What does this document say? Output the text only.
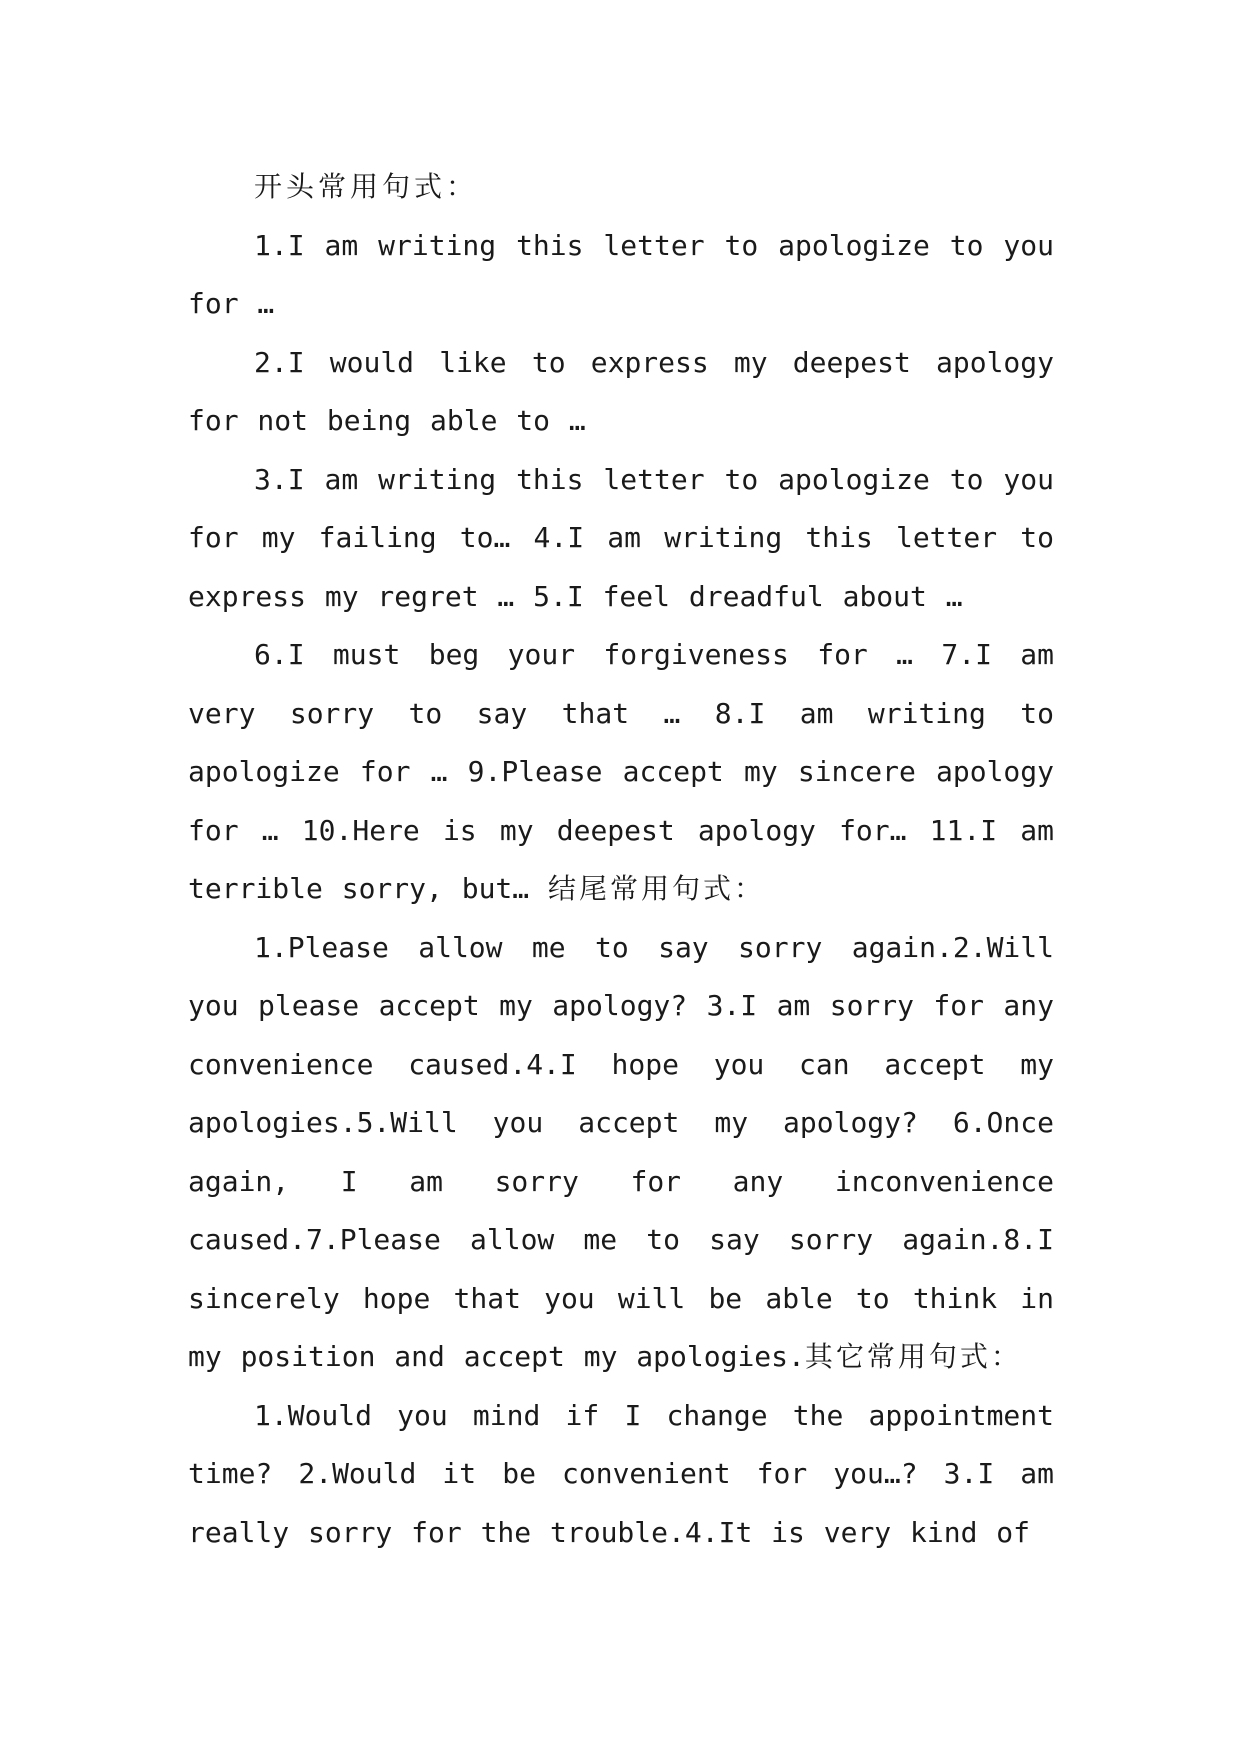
开头常用句式：

1.I am writing this letter to apologize to you for …

2.I would like to express my deepest apology for not being able to …

3.I am writing this letter to apologize to you for my failing to… 4.I am writing this letter to express my regret … 5.I feel dreadful about …

6.I must beg your forgiveness for … 7.I am very sorry to say that … 8.I am writing to apologize for … 9.Please accept my sincere apology for … 10.Here is my deepest apology for… 11.I am terrible sorry, but… 结尾常用句式：

1.Please allow me to say sorry again.2.Will you please accept my apology? 3.I am sorry for any convenience caused.4.I hope you can accept my apologies.5.Will you accept my apology? 6.Once again, I am sorry for any inconvenience caused.7.Please allow me to say sorry again.8.I sincerely hope that you will be able to think in my position and accept my apologies.其它常用句式：

1.Would you mind if I change the appointment time? 2.Would it be convenient for you…? 3.I am really sorry for the trouble.4.It is very kind of
